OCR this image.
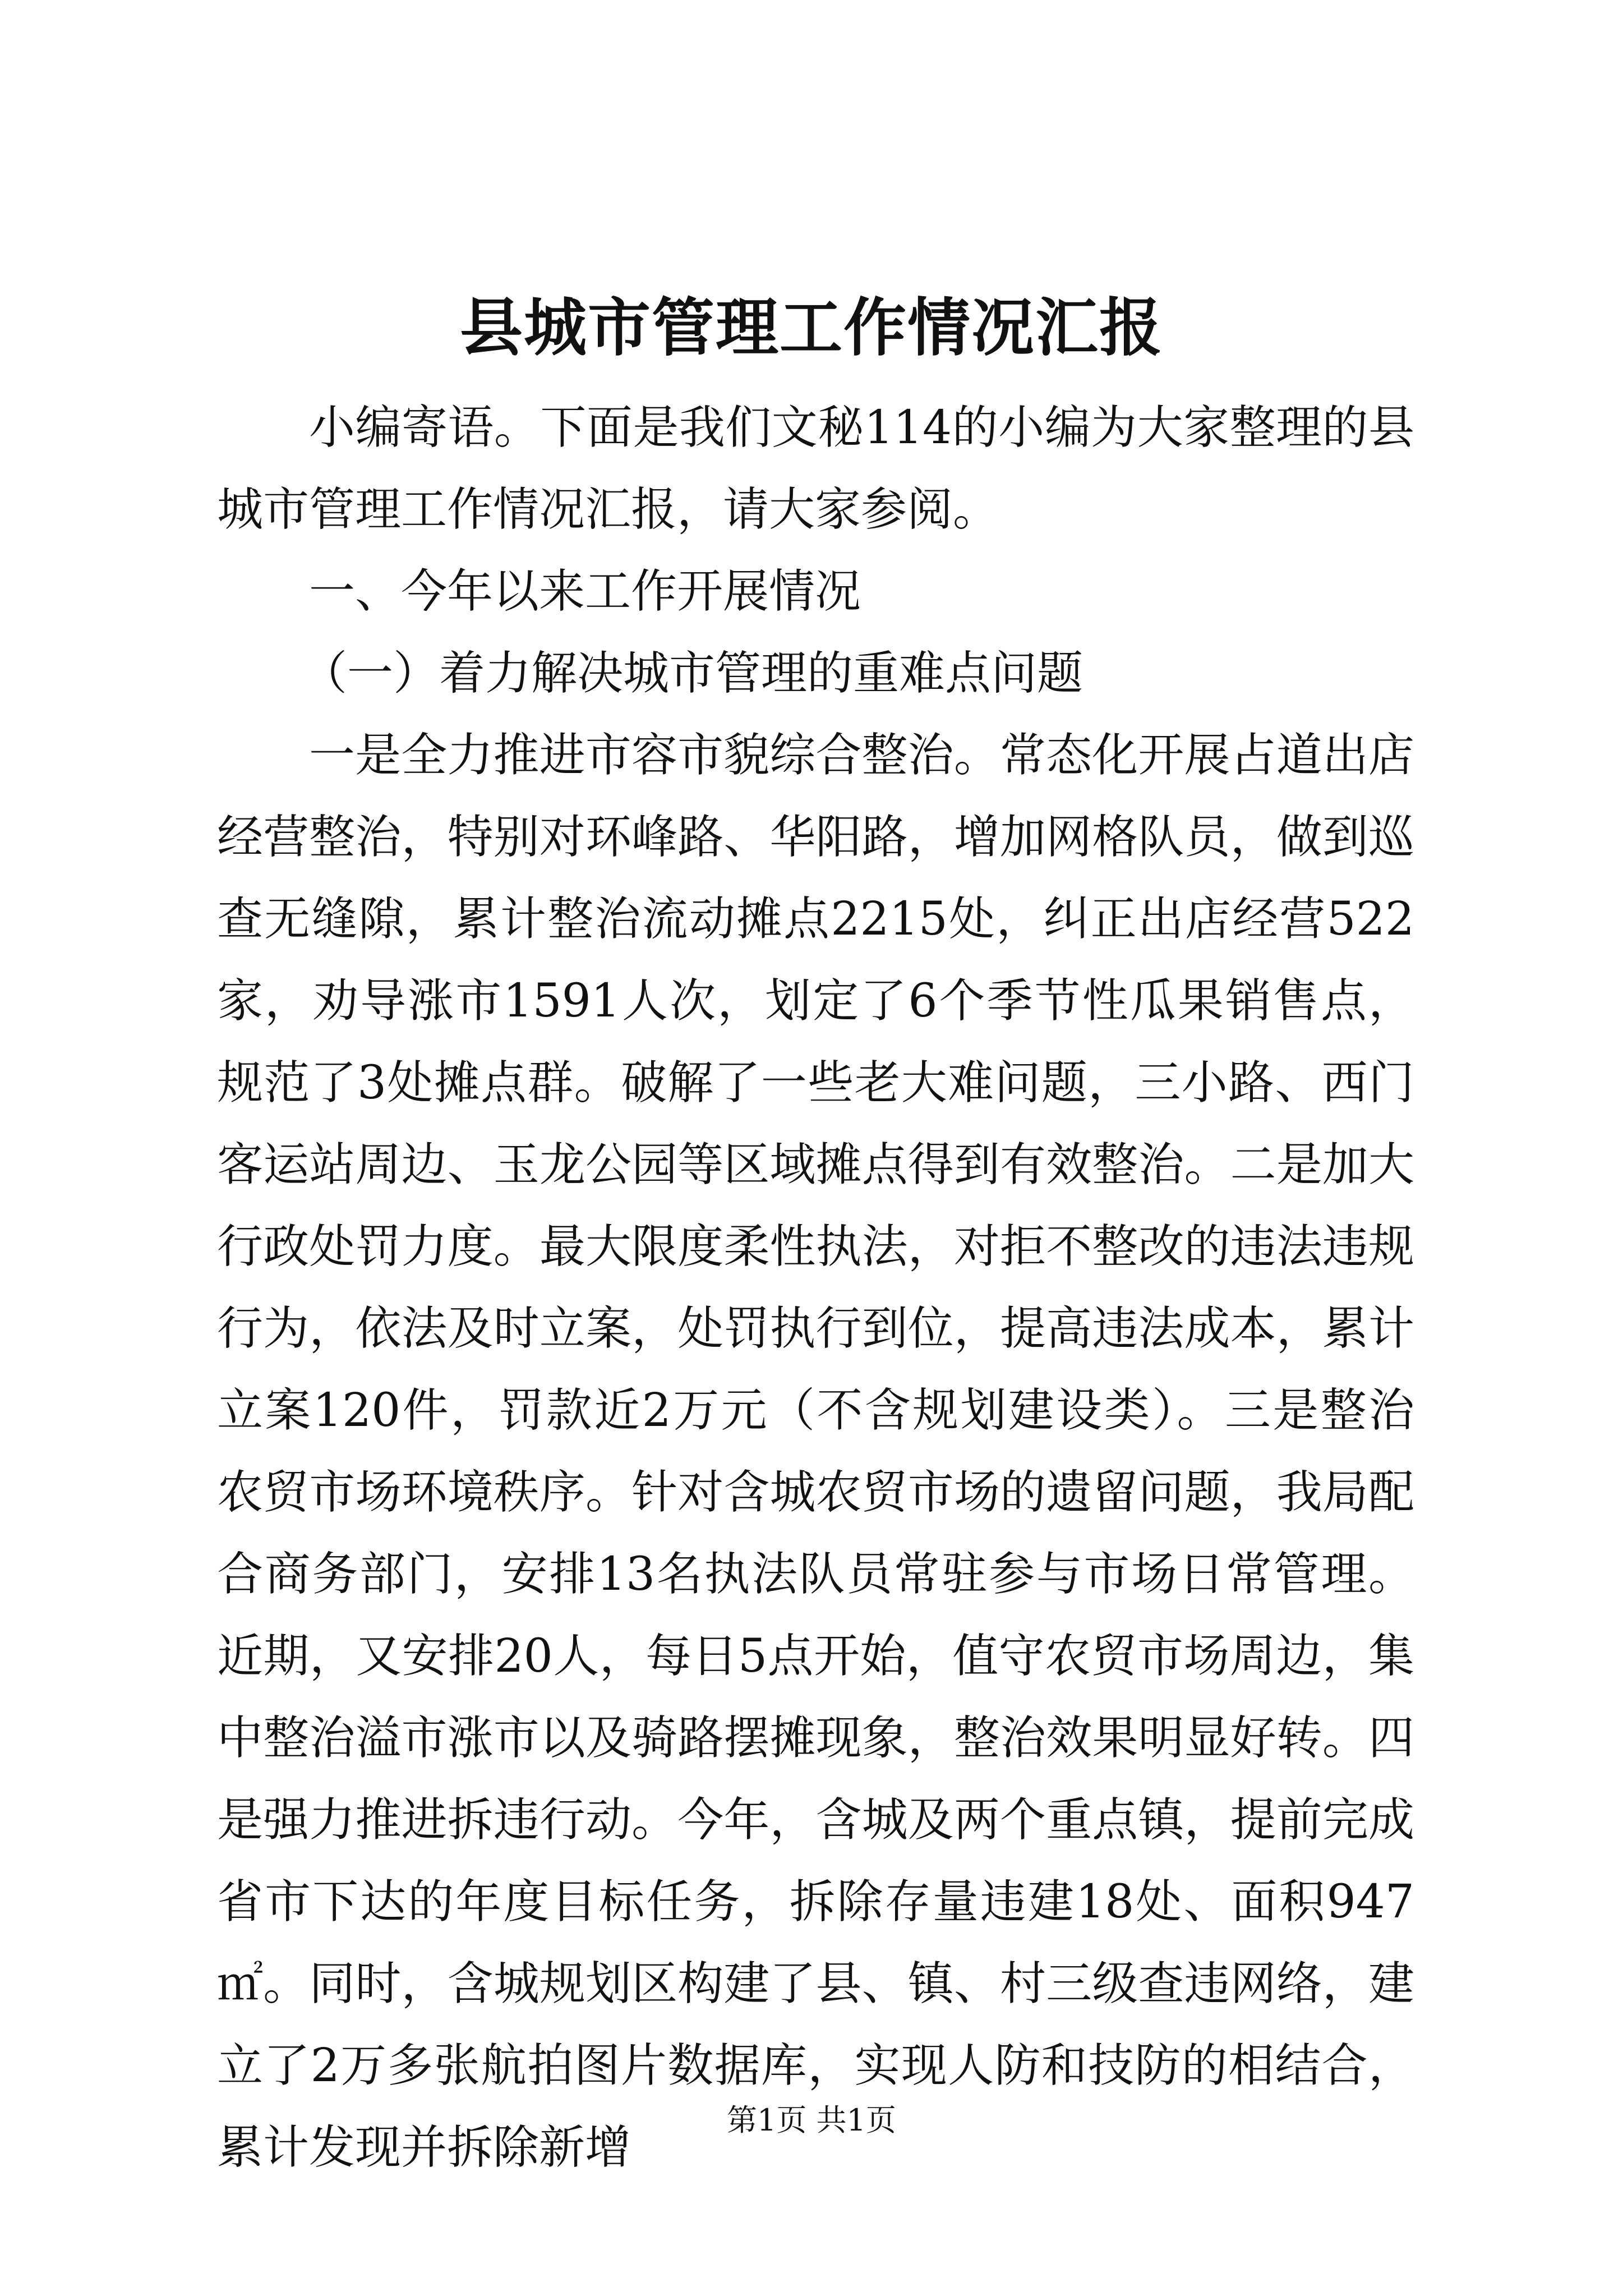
县城市管理工作情况汇报

小编寄语。下面是我们文秘114的小编为大家整理的县城市管理工作情况汇报，请大家参阅。

一、今年以来工作开展情况

（一）着力解决城市管理的重难点问题

一是全力推进市容市貌综合整治。常态化开展占道出店经营整治，特别对环峰路、华阳路，增加网格队员，做到巡查无缝隙，累计整治流动摊点2215处，纠正出店经营522家，劝导涨市1591人次，划定了6个季节性瓜果销售点，规范了3处摊点群。破解了一些老大难问题，三小路、西门客运站周边、玉龙公园等区域摊点得到有效整治。二是加大行政处罚力度。最大限度柔性执法，对拒不整改的违法违规行为，依法及时立案，处罚执行到位，提高违法成本，累计立案120件，罚款近2万元（不含规划建设类）。三是整治农贸市场环境秩序。针对含城农贸市场的遗留问题，我局配合商务部门，安排13名执法队员常驻参与市场日常管理。近期，又安排20人，每日5点开始，值守农贸市场周边，集中整治溢市涨市以及骑路摆摊现象，整治效果明显好转。四是强力推进拆违行动。今年，含城及两个重点镇，提前完成省市下达的年度目标任务，拆除存量违建18处、面积947㎡。同时，含城规划区构建了县、镇、村三级查违网络，建立了2万多张航拍图片数据库，实现人防和技防的相结合，累计发现并拆除新增

第1页 共1页
